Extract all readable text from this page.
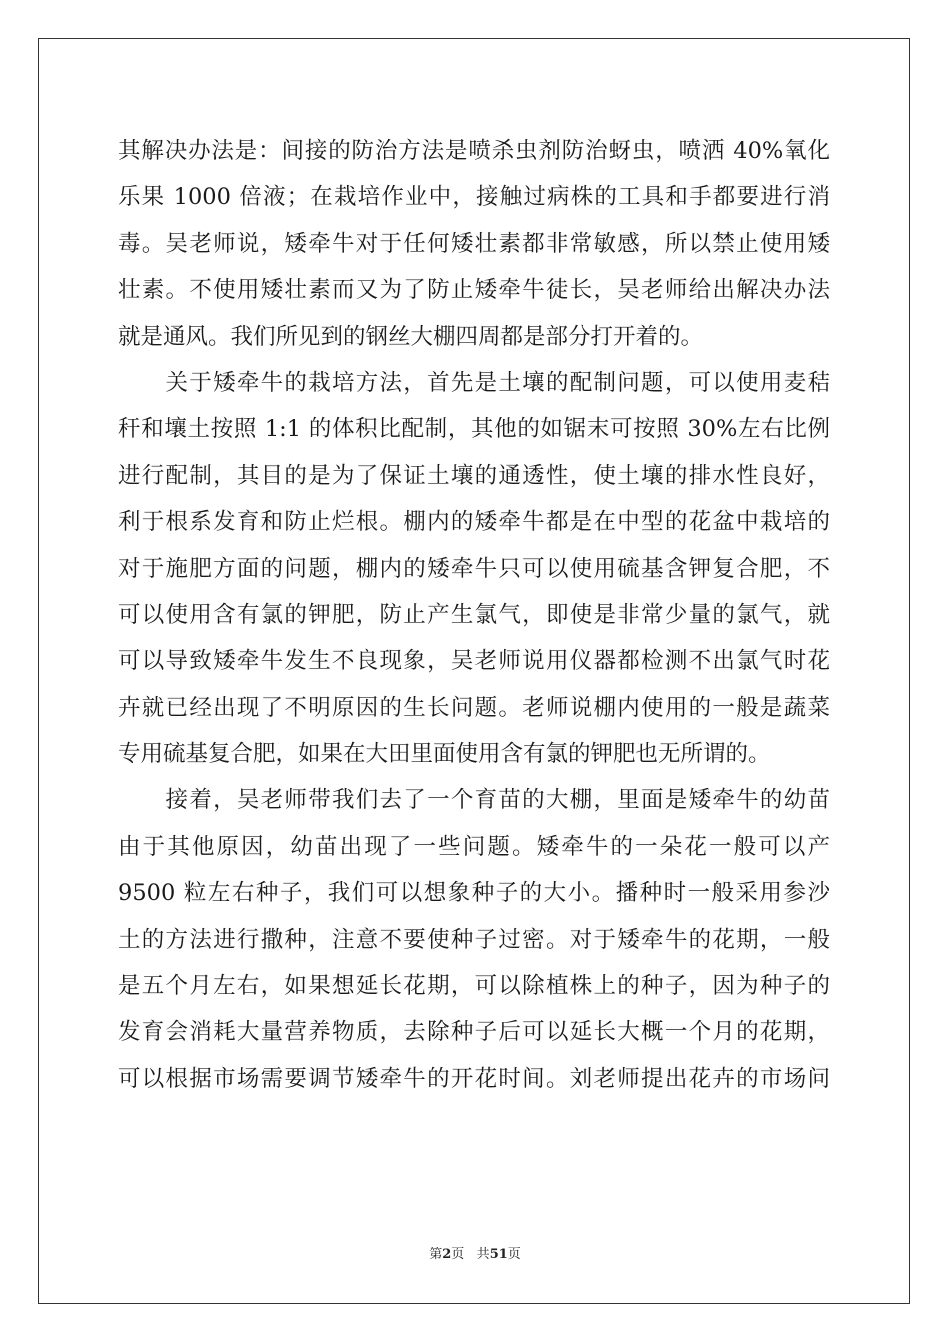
其解决办法是：间接的防治方法是喷杀虫剂防治蚜虫，喷洒 40%氧化
乐果 1000 倍液；在栽培作业中，接触过病株的工具和手都要进行消
毒。吴老师说，矮牵牛对于任何矮壮素都非常敏感，所以禁止使用矮
壮素。不使用矮壮素而又为了防止矮牵牛徒长，吴老师给出解决办法
就是通风。我们所见到的钢丝大棚四周都是部分打开着的。
　　关于矮牵牛的栽培方法，首先是土壤的配制问题，可以使用麦秸
秆和壤土按照 1:1 的体积比配制，其他的如锯末可按照 30%左右比例
进行配制，其目的是为了保证土壤的通透性，使土壤的排水性良好，
利于根系发育和防止烂根。棚内的矮牵牛都是在中型的花盆中栽培的
对于施肥方面的问题，棚内的矮牵牛只可以使用硫基含钾复合肥，不
可以使用含有氯的钾肥，防止产生氯气，即使是非常少量的氯气，就
可以导致矮牵牛发生不良现象，吴老师说用仪器都检测不出氯气时花
卉就已经出现了不明原因的生长问题。老师说棚内使用的一般是蔬菜
专用硫基复合肥，如果在大田里面使用含有氯的钾肥也无所谓的。
　　接着，吴老师带我们去了一个育苗的大棚，里面是矮牵牛的幼苗
由于其他原因，幼苗出现了一些问题。矮牵牛的一朵花一般可以产
9500 粒左右种子，我们可以想象种子的大小。播种时一般采用参沙
土的方法进行撒种，注意不要使种子过密。对于矮牵牛的花期，一般
是五个月左右，如果想延长花期，可以除植株上的种子，因为种子的
发育会消耗大量营养物质，去除种子后可以延长大概一个月的花期，
可以根据市场需要调节矮牵牛的开花时间。刘老师提出花卉的市场问
第2页 共51页
